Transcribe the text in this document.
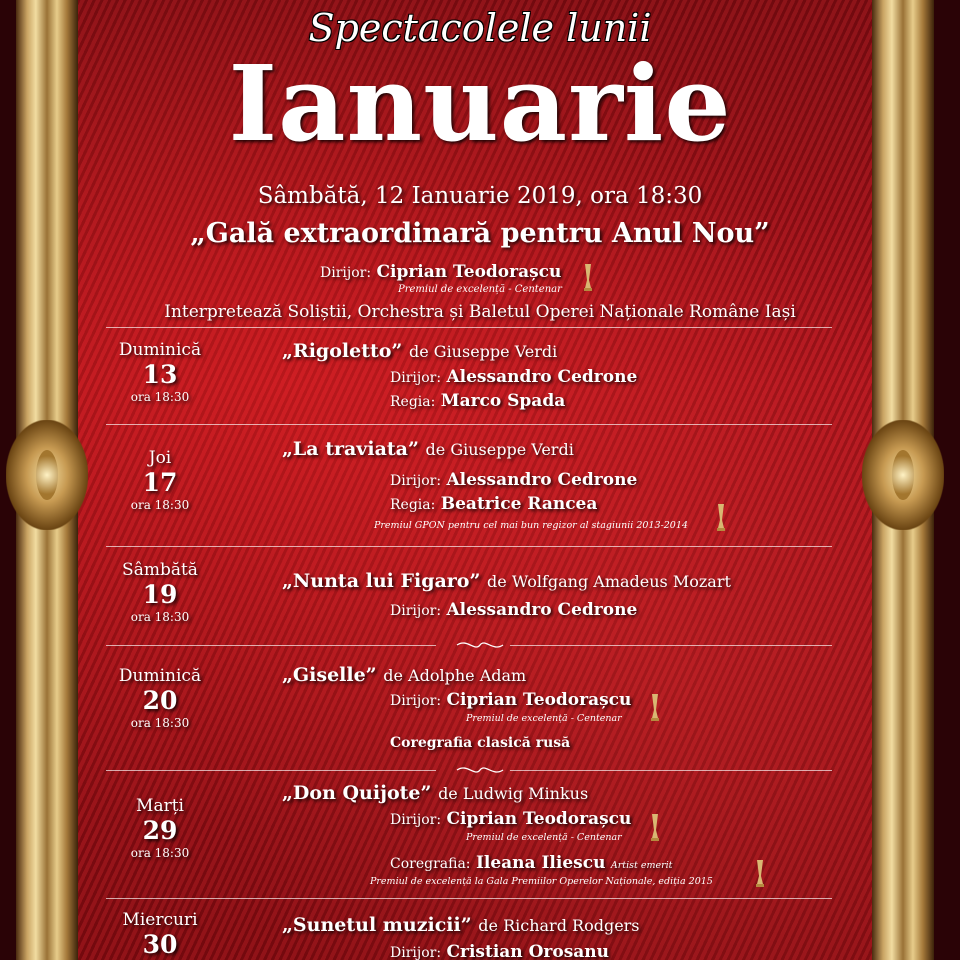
Spectacolele lunii
Ianuarie
Sâmbătă, 12 Ianuarie 2019, ora 18:30
„Gală extraordinară pentru Anul Nou”
Dirijor: Ciprian Teodorașcu
Premiul de excelență - Centenar
Interpretează Soliștii, Orchestra și Baletul Operei Naționale Române Iași
Duminică
13
ora 18:30
„Rigoletto” de Giuseppe Verdi
Dirijor: Alessandro Cedrone
Regia: Marco Spada
Joi
17
ora 18:30
„La traviata” de Giuseppe Verdi
Dirijor: Alessandro Cedrone
Regia: Beatrice Rancea
Premiul GPON pentru cel mai bun regizor al stagiunii 2013-2014
Sâmbătă
19
ora 18:30
„Nunta lui Figaro” de Wolfgang Amadeus Mozart
Dirijor: Alessandro Cedrone
Duminică
20
ora 18:30
„Giselle” de Adolphe Adam
Dirijor: Ciprian Teodorașcu
Premiul de excelență - Centenar
Coregrafia clasică rusă
Marți
29
ora 18:30
„Don Quijote” de Ludwig Minkus
Dirijor: Ciprian Teodorașcu
Premiul de excelență - Centenar
Coregrafia: Ileana Iliescu Artist emerit
Premiul de excelență la Gala Premiilor Operelor Naționale, ediția 2015
Miercuri
30
„Sunetul muzicii” de Richard Rodgers
Dirijor: Cristian Orosanu
